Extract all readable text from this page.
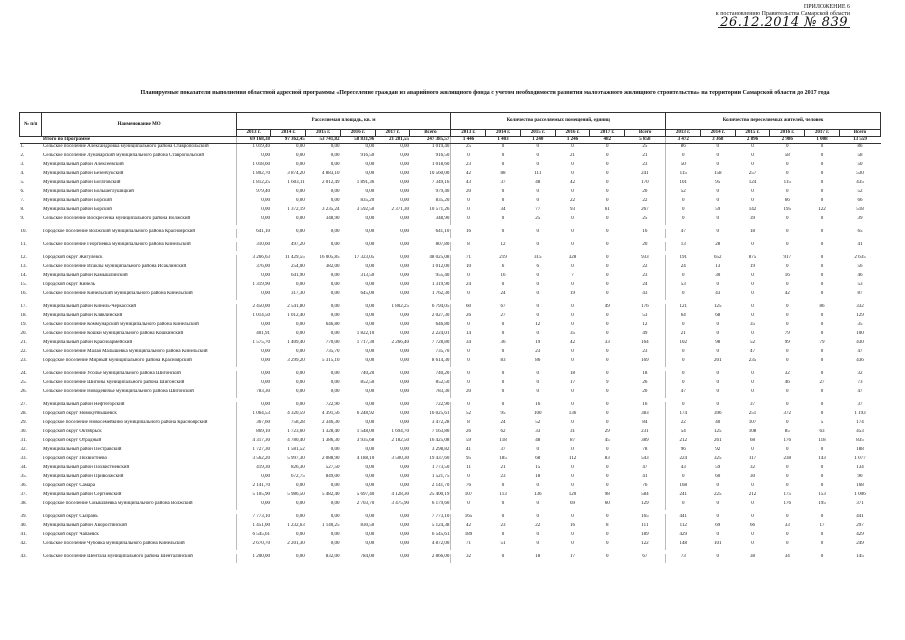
ПРИЛОЖЕНИЕ 6
к постановлению Правительства Самарской области
26.12.2014 № 839
Планируемые показатели выполнения областной адресной программы «Переселение граждан из аварийного жилищного фонда с учетом необходимости развития малоэтажного жилищного строительства» на территории Самарской области до 2017 года
№ п/п	Наименование МО	Расселяемая площадь, кв. м						Количество расселяемых помещений, единиц						Количество переселяемых жителей, человек					
		2013 г.	2014 г.	2015 г.	2016 г.	2017 г.	Всего	2013 г.	2014 г.	2015 г.	2016 г.	2017 г.	Всего	2013 г.	2014 г.	2015 г.	2016 г.	2017 г.	Всего
	Итого по Программе	69 168,38	97 362,45	53 741,82	58 831,96	21 281,55	247 385,57	1 446	1 403	1 240	1 246	482	5 858	3 472	3 368	2 896	2 986	1 008	13 559
1.	Сельское поселение Александровка муниципального района Ставропольский	1 019,40	0,00	0,00	0,00	0,00	1 019,40	25	0	0	0	0	25	86	0	0	0	0	86
2.	Сельское поселение Луначарский муниципального района Ставропольский	0,00	0,00	0,00	916,50	0,00	916,50	0	0	0	21	0	21	0	0	0	58	0	58
3.	Муниципальный район Алексеевский	1 018,60	0,00	0,00	0,00	0,00	1 018,60	23	0	0	0	0	23	50	0	0	0	0	50
4.	Муниципальный район Безенчукский	1 802,70	3 874,20	4 883,10	0,00	0,00	10 560,00	42	88	111	0	0	241	115	158	257	0	0	530
5.	Муниципальный район Богатовский	1 812,25	1 603,11	2 012,49	1 891,36	0,00	7 349,16	43	37	48	42	0	170	101	95	124	115	0	435
6.	Муниципальный район Большеглушицкий	979,40	0,00	0,00	0,00	0,00	979,40	20	0	0	0	0	20	52	0	0	0	0	52
7.	Муниципальный район Борский	0,00	0,00	0,00	835,20	0,00	835,20	0	0	0	22	0	22	0	0	0	66	0	66
8.	Муниципальный район Борский	0,00	1 372,19	3 235,24	3 592,50	2 371,30	10 571,26	0	34	77	93	61	267	0	59	142	195	122	518
9.	Сельское поселение Воскресенка муниципального района Волжский	0,00	0,00	348,90	0,00	0,00	348,90	0	0	25	0	0	25	0	0	39	0	0	39

10.	Городское поселение Волжский муниципального района Красноярский	641,10	0,00	0,00	0,00	0,00	641,10	16	0	0	0	0	16	47	0	18	0	0	65

11.	Сельское поселение Георгиевка муниципального района Кинельский	310,60	497,20	0,00	0,00	0,00	807,80	8	12	0	0	0	20	13	28	0	0	0	41

12.	Городской округ Жигулевск	3 266,63	11 429,55	16 005,85	17 323,05	0,00	48 025,08	71	219	315	328	0	933	191	652	875	917	0	2 635
13.	Сельское поселение Исаклы муниципального района Исаклинский	376,00	254,00	382,00	0,00	0,00	1 012,00	10	6	6	0	0	22	24	13	19	0	0	56
14.	Муниципальный район Камышлинский	0,00	641,90	0,00	313,50	0,00	955,40	0	16	0	7	0	23	0	30	0	16	0	46
15.	Городской округ Кинель	1 319,90	0,00	0,00	0,00	0,00	1 319,90	24	0	0	0	0	24	53	0	0	0	0	53
16.	Сельское поселение Кинельский муниципального района Кинельский	0,00	317,30	0,00	645,00	0,00	1 762,30	0	24	0	19	0	43	0	43	0	42	0	87

17.	Муниципальный район Кинель-Черкасский	2 450,00	2 541,80	0,00	0,00	1 802,25	6 794,05	60	67	0	0	49	176	121	125	0	0	86	332
18.	Муниципальный район Клявлинский	1 014,50	1 012,40	0,00	0,00	0,00	2 027,30	26	27	0	0	0	53	64	68	0	0	0	129
19.	Сельское поселение Коммунарский муниципального района Кинельский	0,00	0,00	646,80	0,00	0,00	646,80	0	0	12	0	0	12	0	0	35	0	0	35
20.	Сельское поселение Кошки муниципального района Кошкинский	401,91	0,00	0,00	1 822,10	0,00	2 224,01	14	0	0	35	0	49	21	0	0	79	0	100
21.	Муниципальный район Красноармейский	1 575,70	1 409,40	770,00	1 717,30	2 266,40	7 728,80	34	36	19	42	33	164	102	98	52	99	79	430
22.	Сельское поселение Малая Малышевка муниципального района Кинельский	0,00	0,00	735,70	0,00	0,00	735,70	0	0	23	0	0	23	0	0	47	0	0	47
23.	Городское поселение Мирный муниципального района Красноярский	0,00	3 299,20	5 315,10	0,00	0,00	8 614,30	0	83	86	0	0	169	0	201	235	0	0	436

24.	Сельское поселение Усолье муниципального района Шигонский	0,00	0,00	0,00	740,20	0,00	740,20	0	0	0	18	0	18	0	0	0	32	0	32
25.	Сельское поселение Шигоны муниципального района Шигонский	0,00	0,00	0,00	852,50	0,00	852,50	0	0	0	17	9	26	0	0	0	46	27	73
26.	Сельское поселение Новодевичье муниципального района Шигонский	783,30	0,00	0,00	0,00	0,00	783,30	20	0	0	0	0	20	47	0	0	0	0	47

27.	Муниципальный район Нефтегорский	0,00	0,00	722,90	0,00	0,00	722,90	0	0	16	0	0	16	0	0	37	0	0	37
28.	Городской округ Новокуйбышевск	1 064,53	4 320,59	4 391,56	6 248,92	0,00	16 025,61	52	95	100	136	0	383	174	396	251	372	0	1 193
29.	Городское поселение Новосемейкино муниципального района Красноярский	367,60	758,28	2 346,30	0,00	0,00	3 472,28	8	24	52	0	0	84	22	40	107	0	5	174
30.	Городской округ Октябрьск	869,10	1 723,60	1 328,40	1 548,00	1 694,70	7 163,80	26	62	33	31	29	231	54	125	108	85	63	453
31.	Городской округ Отрадный	4 317,30	4 780,40	1 386,30	3 935,68	2 182,50	16 425,08	59	118	48	87	45	389	212	261	68	176	118	835
32.	Муниципальный район Пестравский	1 727,30	1 581,52	0,00	0,00	0,00	3 298,82	41	37	0	0	0	78	96	92	0	0	0	188
33.	Городской округ Похвистнево	3 562,20	5 997,30	2 088,90	4 188,10	3 500,30	19 437,60	95	185	68	112	83	543	224	325	117	238	143	1 077
34.	Муниципальный район Похвистневский	419,30	826,30	527,50	0,00	0,00	1 773,50	11	21	15	0	0	47	43	59	32	0	0	134
35.	Муниципальный район Приволжский	0,00	672,75	849,00	0,00	0,00	1 521,75	0	23	18	0	0	41	0	60	30	0	0	90
36.	Городской округ Самара	2 141,70	0,00	0,00	0,00	0,00	2 141,70	76	0	0	0	0	76	168	0	0	0	0	168
37.	Муниципальный район Сергиевский	5 105,90	5 986,50	5 482,40	5 697,40	4 128,30	25 400,19	107	113	136	120	98	584	241	225	212	175	153	1 006
38.	Городское поселение Смышляевка муниципального района Волжский	0,00	0,00	0,00	2 703,70	3 475,90	6 179,60	0	0	0	69	60	129	0	0	0	176	195	371

39.	Городской округ Сызрань	7 773,10	0,00	0,00	0,00	0,00	7 773,10	165	0	0	0	0	165	441	0	0	0	0	441
40.	Муниципальный район Хворостянский	1 451,00	1 232,63	1 140,25	830,50	0,00	5 124,38	42	23	22	16	8	111	112	69	66	33	17	297
41.	Городской округ Чапаевск	6 545,61	0,00	0,00	0,00	0,00	6 545,61	189	0	0	0	0	189	429	0	0	0	0	429
42.	Сельское поселение Чубовка муниципального района Кинельский	2 670,70	2 201,30	0,00	0,00	0,00	4 872,00	71	51	0	0	0	122	148	101	0	0	0	249

43.	Сельское поселение Шентала муниципального района Шенталинский	1 200,00	0,00	832,00	784,00	0,00	2 866,00	32	0	18	17	0	67	73	0	38	34	0	145
